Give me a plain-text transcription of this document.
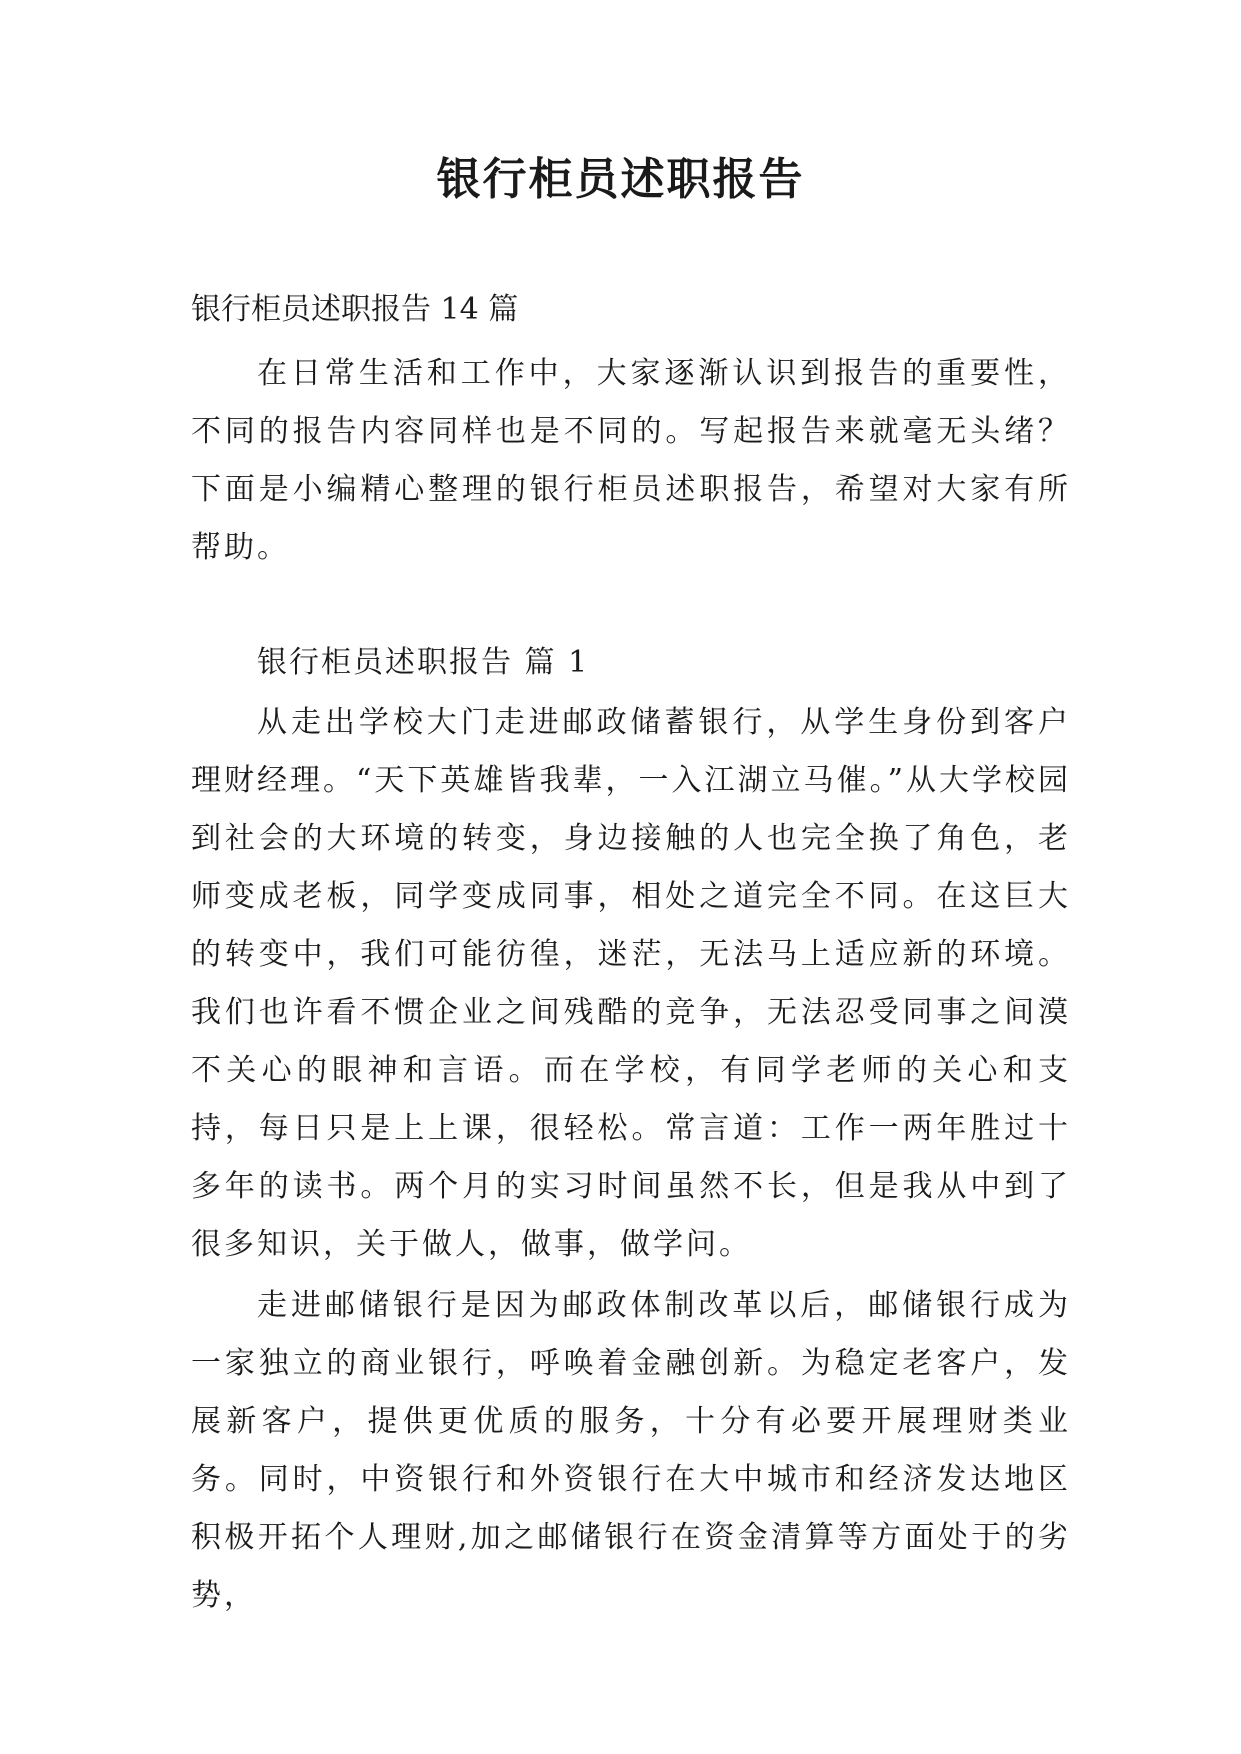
银行柜员述职报告

银行柜员述职报告 14 篇

在日常生活和工作中，大家逐渐认识到报告的重要性，不同的报告内容同样也是不同的。写起报告来就毫无头绪？下面是小编精心整理的银行柜员述职报告，希望对大家有所帮助。

银行柜员述职报告 篇 1

从走出学校大门走进邮政储蓄银行，从学生身份到客户理财经理。“天下英雄皆我辈，一入江湖立马催。”从大学校园到社会的大环境的转变，身边接触的人也完全换了角色，老师变成老板，同学变成同事，相处之道完全不同。在这巨大的转变中，我们可能彷徨，迷茫，无法马上适应新的环境。我们也许看不惯企业之间残酷的竞争，无法忍受同事之间漠不关心的眼神和言语。而在学校，有同学老师的关心和支持，每日只是上上课，很轻松。常言道：工作一两年胜过十多年的读书。两个月的实习时间虽然不长，但是我从中到了很多知识，关于做人，做事，做学问。

走进邮储银行是因为邮政体制改革以后，邮储银行成为一家独立的商业银行，呼唤着金融创新。为稳定老客户，发展新客户，提供更优质的服务，十分有必要开展理财类业务。同时，中资银行和外资银行在大中城市和经济发达地区积极开拓个人理财,加之邮储银行在资金清算等方面处于的劣势，
